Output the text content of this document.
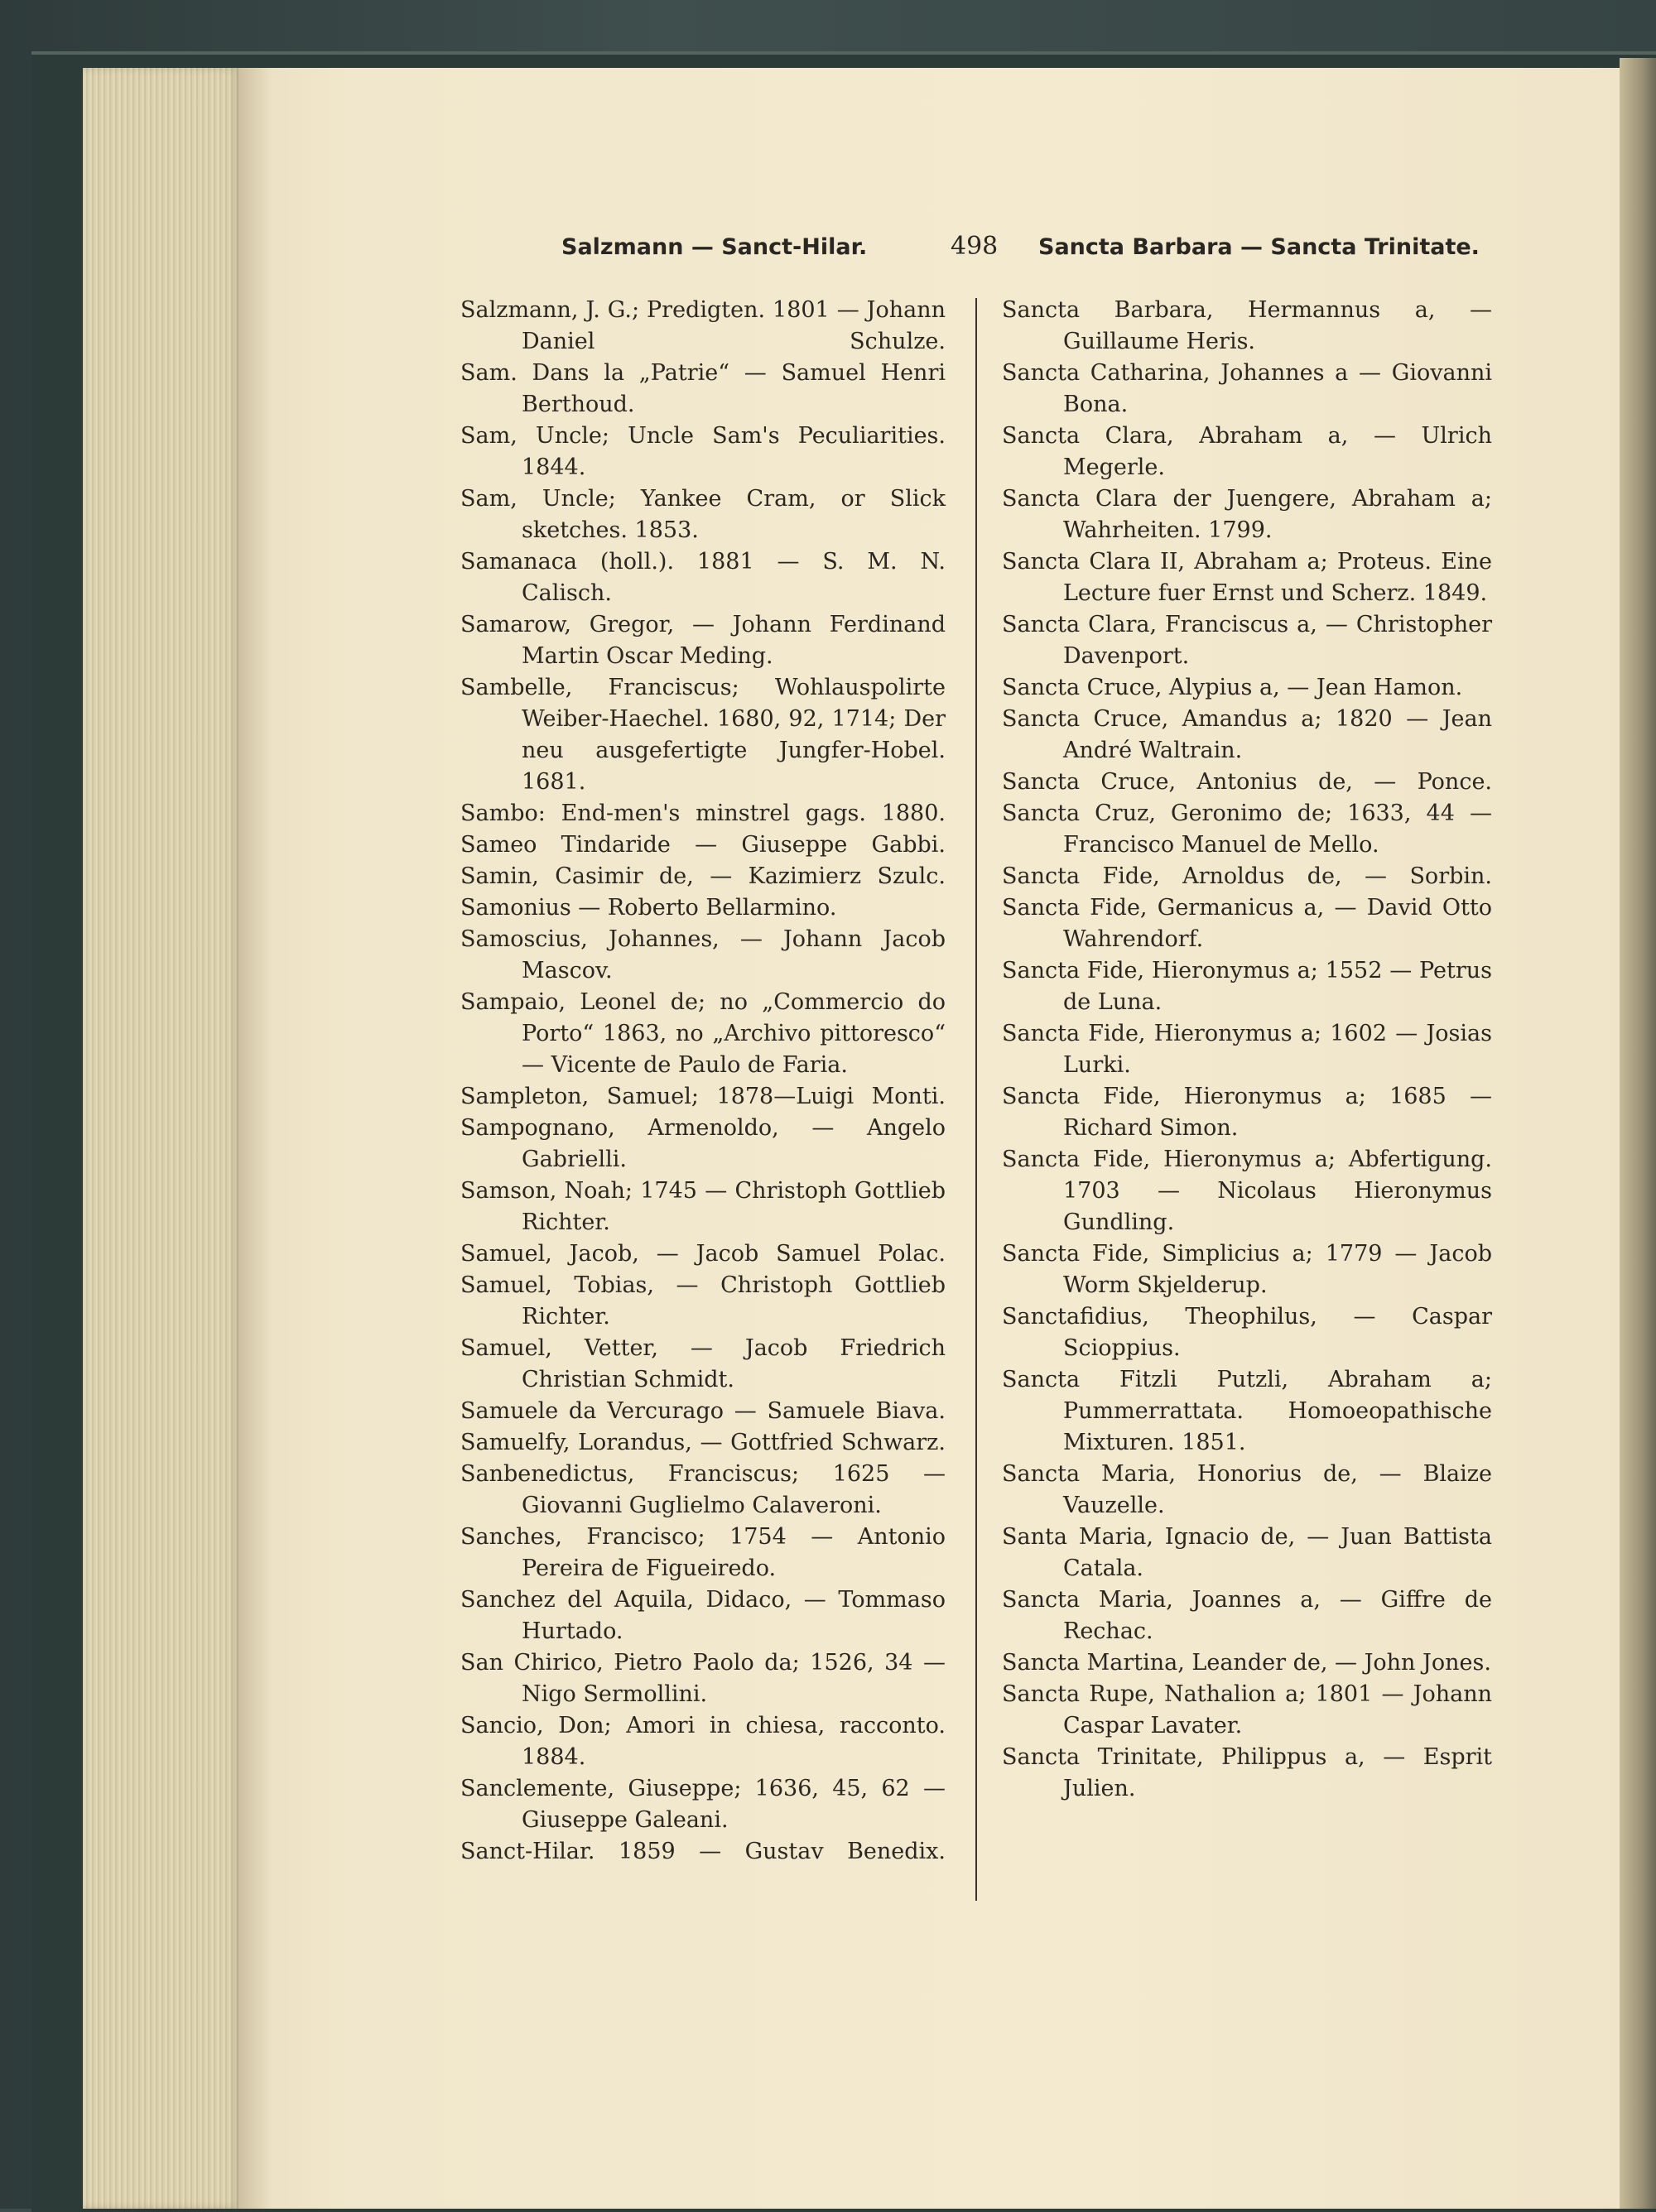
Salzmann — Sanct-Hilar.	498 Sancta Barbara — Sancta Trinitate.
Salzmann, J. G.; Predigten. 1801 — Johann Daniel Schulze.
Sam. Dans la „Patrie“ — Samuel Henri Berthoud.
Sam, Uncle; Uncle Sam's Peculiarities. 1844.
Sam, Uncle; Yankee Cram, or Slick sketches. 1853.
Samanaca (holl.). 1881 — S. M. N. Calisch.
Samarow, Gregor, — Johann Ferdinand Martin Oscar Meding.
Sambelle, Franciscus; Wohlauspolirte Weiber-Haechel. 1680, 92, 1714; Der neu ausgefertigte Jungfer-Hobel. 1681.
Sambo: End-men's minstrel gags. 1880.
Sameo Tindaride — Giuseppe Gabbi.
Samin, Casimir de, — Kazimierz Szulc.
Samonius — Roberto Bellarmino.
Samoscius, Johannes, — Johann Jacob Mascov.
Sampaio, Leonel de; no „Commercio do Porto“ 1863, no „Archivo pittoresco“ — Vicente de Paulo de Faria.
Sampleton, Samuel; 1878—Luigi Monti.
Sampognano, Armenoldo, — Angelo Gabrielli.
Samson, Noah; 1745 — Christoph Gottlieb Richter.
Samuel, Jacob, — Jacob Samuel Polac.
Samuel, Tobias, — Christoph Gottlieb Richter.
Samuel, Vetter, — Jacob Friedrich Christian Schmidt.
Samuele da Vercurago — Samuele Biava.
Samuelfy, Lorandus, — Gottfried Schwarz.
Sanbenedictus, Franciscus; 1625 — Giovanni Guglielmo Calaveroni.
Sanches, Francisco; 1754 — Antonio Pereira de Figueiredo.
Sanchez del Aquila, Didaco, — Tommaso Hurtado.
San Chirico, Pietro Paolo da; 1526, 34 — Nigo Sermollini.
Sancio, Don; Amori in chiesa, racconto. 1884.
Sanclemente, Giuseppe; 1636, 45, 62 — Giuseppe Galeani.
Sanct-Hilar. 1859 — Gustav Benedix.
Sancta Barbara, Hermannus a, — Guillaume Heris.
Sancta Catharina, Johannes a — Giovanni Bona.
Sancta Clara, Abraham a, — Ulrich Megerle.
Sancta Clara der Juengere, Abraham a; Wahrheiten. 1799.
Sancta Clara II, Abraham a; Proteus. Eine Lecture fuer Ernst und Scherz. 1849.
Sancta Clara, Franciscus a, — Christopher Davenport.
Sancta Cruce, Alypius a, — Jean Hamon.
Sancta Cruce, Amandus a; 1820 — Jean André Waltrain.
Sancta Cruce, Antonius de, — Ponce.
Sancta Cruz, Geronimo de; 1633, 44 — Francisco Manuel de Mello.
Sancta Fide, Arnoldus de, — Sorbin.
Sancta Fide, Germanicus a, — David Otto Wahrendorf.
Sancta Fide, Hieronymus a; 1552 — Petrus de Luna.
Sancta Fide, Hieronymus a; 1602 — Josias Lurki.
Sancta Fide, Hieronymus a; 1685 — Richard Simon.
Sancta Fide, Hieronymus a; Abfertigung. 1703 — Nicolaus Hieronymus Gundling.
Sancta Fide, Simplicius a; 1779 — Jacob Worm Skjelderup.
Sanctafidius, Theophilus, — Caspar Scioppius.
Sancta Fitzli Putzli, Abraham a; Pummerrattata. Homoeopathische Mixturen. 1851.
Sancta Maria, Honorius de, — Blaize Vauzelle.
Santa Maria, Ignacio de, — Juan Battista Catala.
Sancta Maria, Joannes a, — Giffre de Rechac.
Sancta Martina, Leander de, — John Jones.
Sancta Rupe, Nathalion a; 1801 — Johann Caspar Lavater.
Sancta Trinitate, Philippus a, — Esprit Julien.
